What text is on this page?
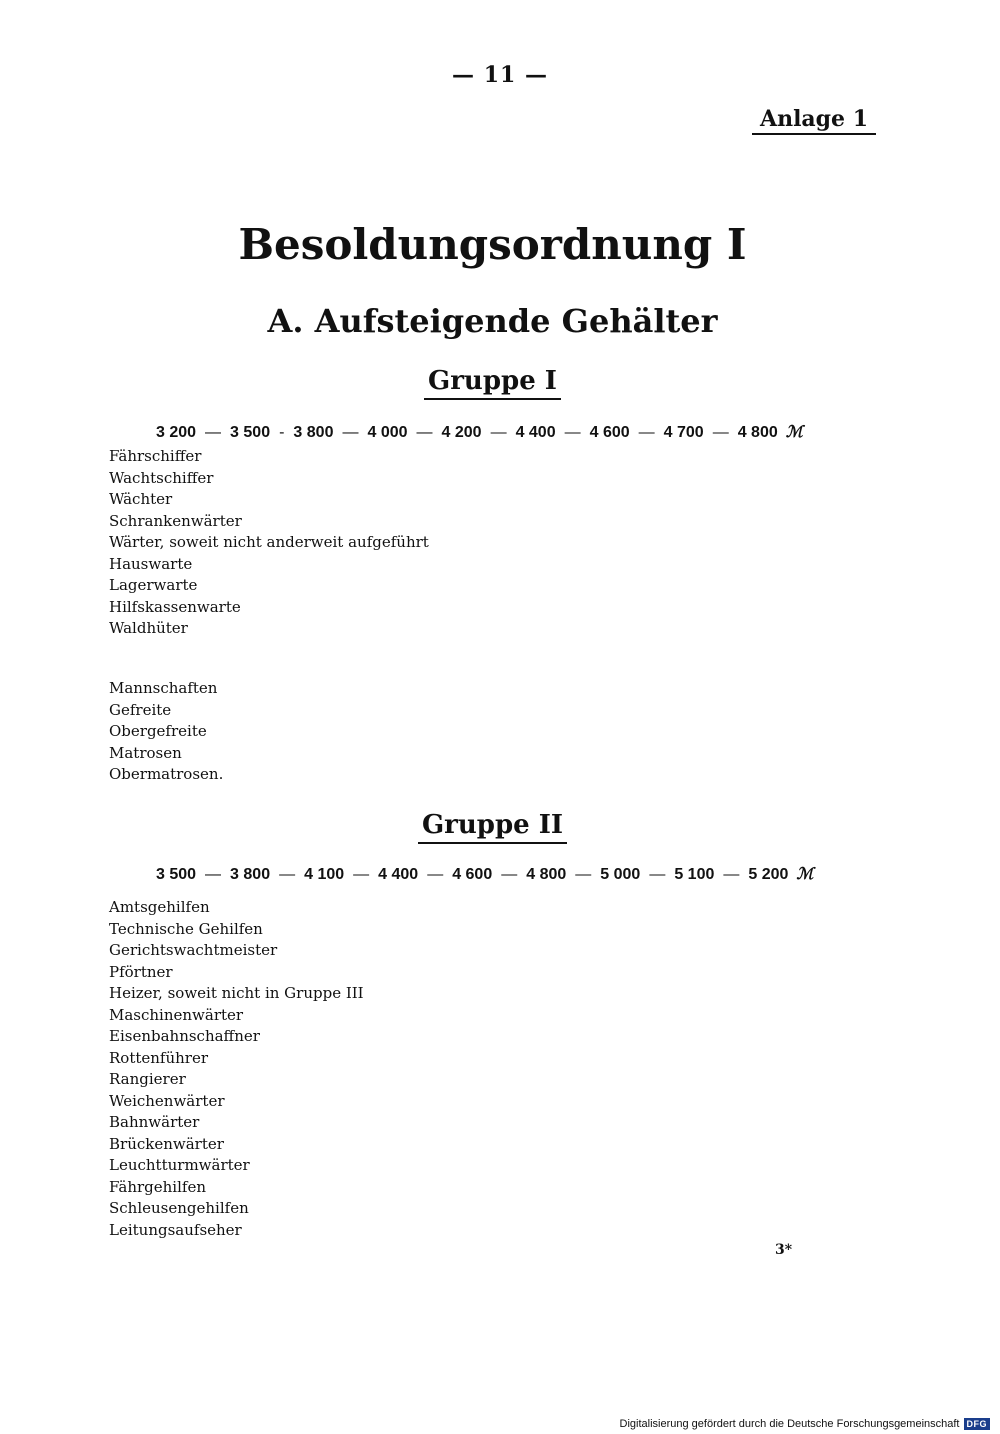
— 11 —
Anlage 1
Besoldungsordnung I
A. Aufsteigende Gehälter
Gruppe I
3 200 — 3 500 - 3 800 — 4 000 — 4 200 — 4 400 — 4 600 — 4 700 — 4 800 ℳ
Fährschiffer
Wachtschiffer
Wächter
Schrankenwärter
Wärter, soweit nicht anderweit aufgeführt
Hauswarte
Lagerwarte
Hilfskassenwarte
Waldhüter
Mannschaften
Gefreite
Obergefreite
Matrosen
Obermatrosen.
Gruppe II
3 500 — 3 800 — 4 100 — 4 400 — 4 600 — 4 800 — 5 000 — 5 100 — 5 200 ℳ
Amtsgehilfen
Technische Gehilfen
Gerichtswachtmeister
Pförtner
Heizer, soweit nicht in Gruppe III
Maschinenwärter
Eisenbahnschaffner
Rottenführer
Rangierer
Weichenwärter
Bahnwärter
Brückenwärter
Leuchtturmwärter
Fährgehilfen
Schleusengehilfen
Leitungsaufseher
3*
Digitalisierung gefördert durch die Deutsche Forschungsgemeinschaft DFG
